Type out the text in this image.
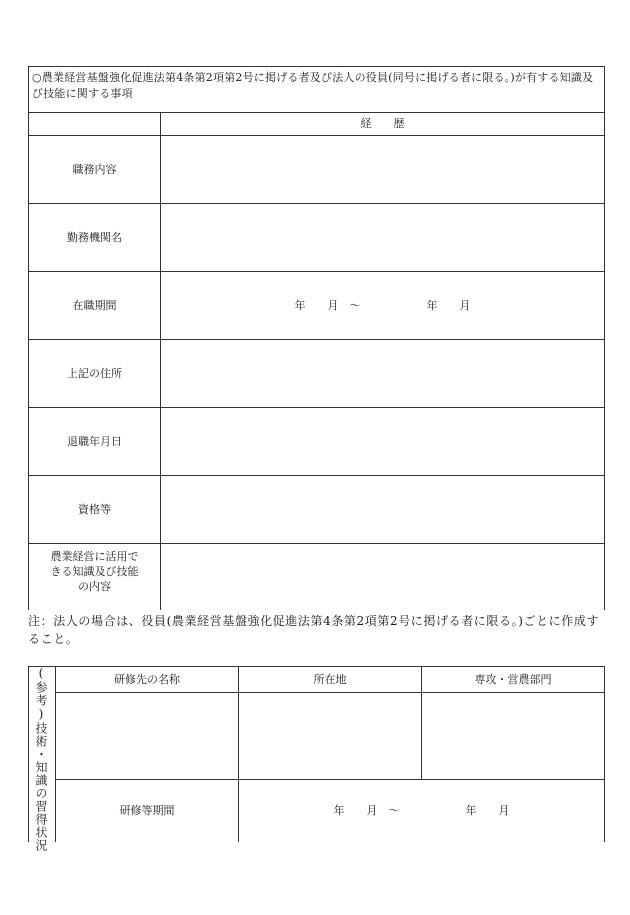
○農業経営基盤強化促進法第4条第2項第2号に掲げる者及び法人の役員(同号に掲げる者に限る。)が有する知識及び技能に関する事項
経　　歴
職務内容
勤務機関名
在職期間	年　　月　～　　　　　　年　　月
上記の住所
退職年月日
資格等
農業経営に活用できる知識及び技能の内容
注：法人の場合は、役員(農業経営基盤強化促進法第4条第2項第2号に掲げる者に限る。)ごとに作成すること。
(参考)技術・知識の習得状況	研修先の名称	所在地	専攻・営農部門
研修等期間	年　　月　～　　　　　　年　　月
